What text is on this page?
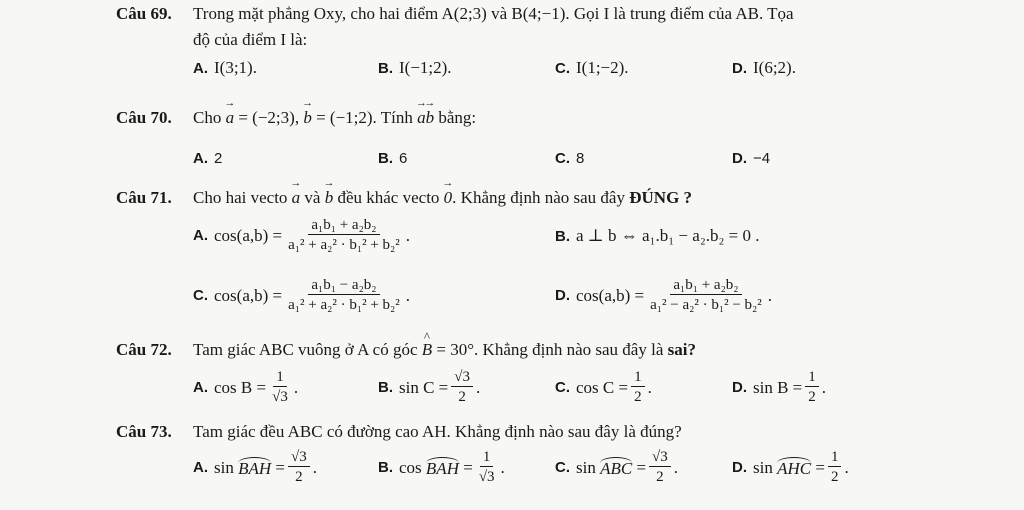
Câu 69. Trong mặt phẳng Oxy, cho hai điểm A(2;3) và B(4;−1). Gọi I là trung điểm của AB. Tọa
độ của điểm I là:
A. I(3;1).	B. I(−1;2).	C. I(1;−2).	D. I(6;2).
Câu 70. Cho → a = (−2;3), → b = (−1;2). Tính → a→ b bằng:
A. 2	B. 6	C. 8	D. −4
Câu 71. Cho hai vecto → a và → b đều khác vecto → 0. Khẳng định nào sau đây ĐÚNG ?
A. $\cos(a,b) = \frac{\text{a₁b₁ + a₂b₂}}{\text{a₁² + a₂² · b₁² + b₂²}}$ .	B. a ⊥ b ⇔ a₁.b₁ − a₂.b₂ = 0 .
C. $\cos(a,b) = \frac{\text{a₁b₁ − a₂b₂}}{\text{a₁² + a₂² · b₁² + b₂²}}$ .	D. $\cos(a,b) = \frac{\text{a₁b₁ + a₂b₂}}{\text{a₁² − a₂² · b₁² − b₂²}}$ .
Câu 72. Tam giác ABC vuông ở A có góc ^ B = 30°. Khẳng định nào sau đây là sai?
A. $\cos B = \frac{1}{√3}$ .	B. $\sin C = \frac{√3}{2}$ .	C. $\cos C = \frac{1}{2}$ .	D. $\sin B = \frac{1}{2}$ .
Câu 73. Tam giác đều ABC có đường cao AH. Khẳng định nào sau đây là đúng?
A. sin
BAH = $\frac{√3}{2}$ .	B. cos
BAH = $\frac{1}{√3}$ .	C. sin
ABC = $\frac{√3}{2}$ .	D. sin
AHC = $\frac{1}{2}$ .
